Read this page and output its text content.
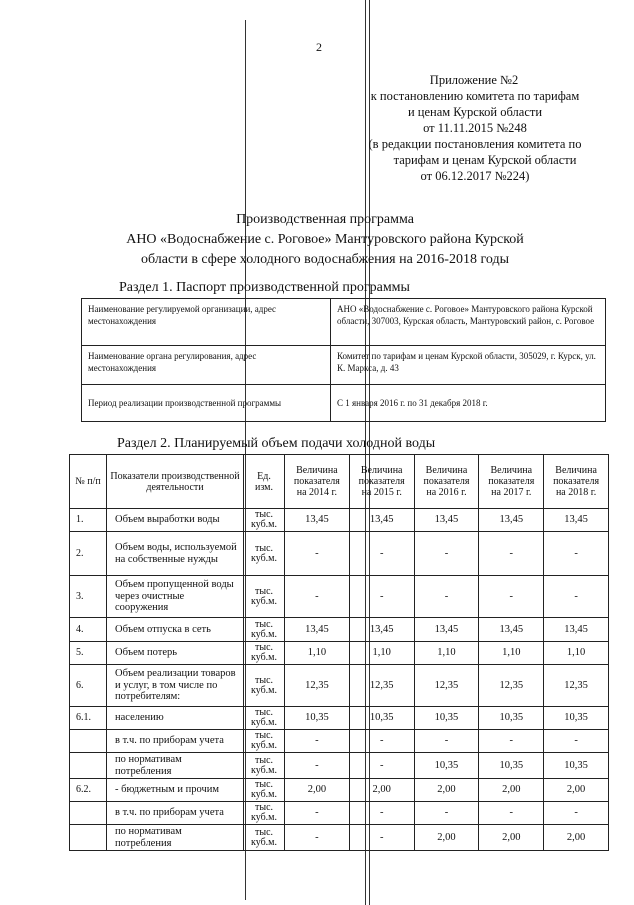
2
Приложение №2
к постановлению комитета по тарифам
и ценам Курской области
от 11.11.2015 №248
(в редакции постановления комитета по
тарифам и ценам Курской области
от 06.12.2017 №224)
Производственная программа
АНО «Водоснабжение с. Роговое» Мантуровского района Курской
области в сфере холодного водоснабжения на 2016-2018 годы
Раздел 1. Паспорт производственной программы
Наименование регулируемой организации, адрес местонахождения	АНО «Водоснабжение с. Роговое» Мантуровского района Курской области, 307003, Курская область, Мантуровский район, с. Роговое
Наименование органа регулирования, адрес местонахождения	Комитет по тарифам и ценам Курской области, 305029, г. Курск, ул. К. Маркса, д. 43
Период реализации производственной программы	С 1 января 2016 г. по 31 декабря 2018 г.
Раздел 2. Планируемый объем подачи холодной воды
№ п/п	Показатели производственной деятельности	Ед. изм.	Величина показателя на 2014 г.	Величина показателя на 2015 г.	Величина показателя на 2016 г.	Величина показателя на 2017 г.	Величина показателя на 2018 г.
1.	Объем выработки воды	тыс. куб.м.	13,45	13,45	13,45	13,45	13,45
2.	Объем воды, используемой на собственные нужды	тыс. куб.м.	-	-	-	-	-
3.	Объем пропущенной воды через очистные сооружения	тыс. куб.м.	-	-	-	-	-
4.	Объем отпуска в сеть	тыс. куб.м.	13,45	13,45	13,45	13,45	13,45
5.	Объем потерь	тыс. куб.м.	1,10	1,10	1,10	1,10	1,10
6.	Объем реализации товаров и услуг, в том числе по потребителям:	тыс. куб.м.	12,35	12,35	12,35	12,35	12,35
6.1.	населению	тыс. куб.м.	10,35	10,35	10,35	10,35	10,35
	в т.ч. по приборам учета	тыс. куб.м.	-	-	-	-	-
	по нормативам потребления	тыс. куб.м.	-	-	10,35	10,35	10,35
6.2.	- бюджетным и прочим	тыс. куб.м.	2,00	2,00	2,00	2,00	2,00
	в т.ч. по приборам учета	тыс. куб.м.	-	-	-	-	-
	по нормативам потребления	тыс. куб.м.	-	-	2,00	2,00	2,00
